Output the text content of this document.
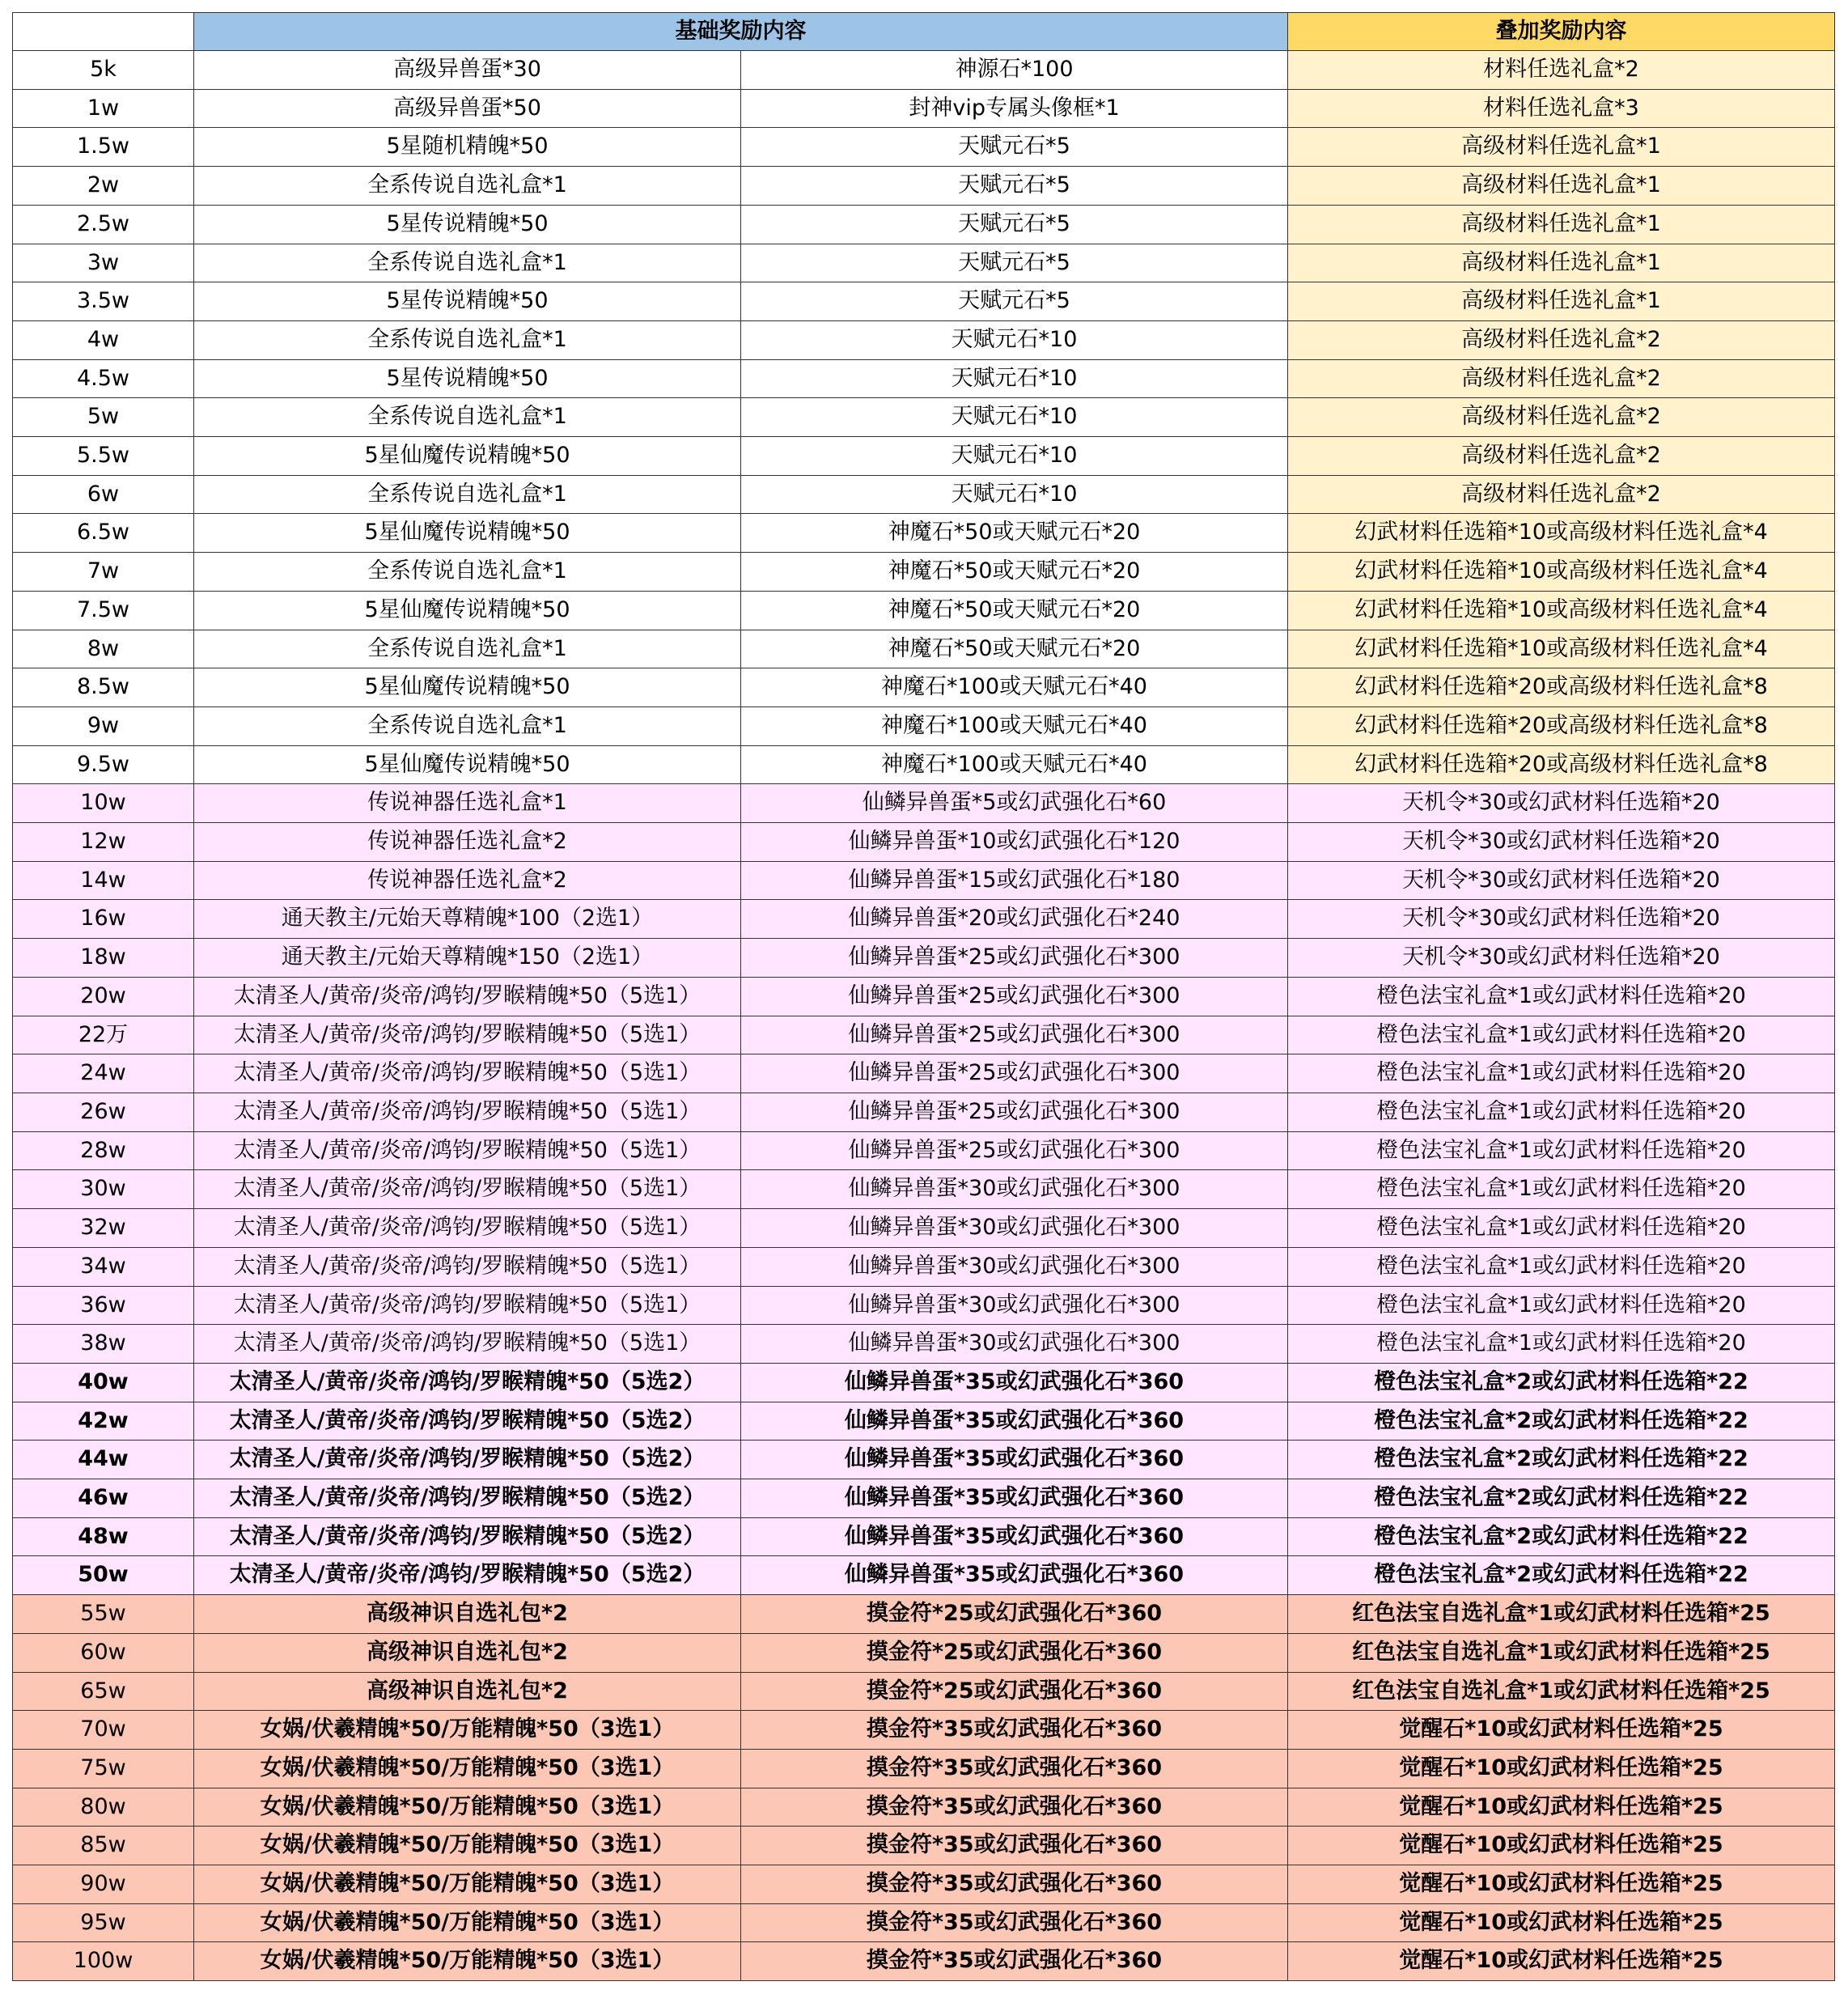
	基础奖励内容		叠加奖励内容
5k	高级异兽蛋*30	神源石*100	材料任选礼盒*2
1w	高级异兽蛋*50	封神vip专属头像框*1	材料任选礼盒*3
1.5w	5星随机精魄*50	天赋元石*5	高级材料任选礼盒*1
2w	全系传说自选礼盒*1	天赋元石*5	高级材料任选礼盒*1
2.5w	5星传说精魄*50	天赋元石*5	高级材料任选礼盒*1
3w	全系传说自选礼盒*1	天赋元石*5	高级材料任选礼盒*1
3.5w	5星传说精魄*50	天赋元石*5	高级材料任选礼盒*1
4w	全系传说自选礼盒*1	天赋元石*10	高级材料任选礼盒*2
4.5w	5星传说精魄*50	天赋元石*10	高级材料任选礼盒*2
5w	全系传说自选礼盒*1	天赋元石*10	高级材料任选礼盒*2
5.5w	5星仙魔传说精魄*50	天赋元石*10	高级材料任选礼盒*2
6w	全系传说自选礼盒*1	天赋元石*10	高级材料任选礼盒*2
6.5w	5星仙魔传说精魄*50	神魔石*50或天赋元石*20	幻武材料任选箱*10或高级材料任选礼盒*4
7w	全系传说自选礼盒*1	神魔石*50或天赋元石*20	幻武材料任选箱*10或高级材料任选礼盒*4
7.5w	5星仙魔传说精魄*50	神魔石*50或天赋元石*20	幻武材料任选箱*10或高级材料任选礼盒*4
8w	全系传说自选礼盒*1	神魔石*50或天赋元石*20	幻武材料任选箱*10或高级材料任选礼盒*4
8.5w	5星仙魔传说精魄*50	神魔石*100或天赋元石*40	幻武材料任选箱*20或高级材料任选礼盒*8
9w	全系传说自选礼盒*1	神魔石*100或天赋元石*40	幻武材料任选箱*20或高级材料任选礼盒*8
9.5w	5星仙魔传说精魄*50	神魔石*100或天赋元石*40	幻武材料任选箱*20或高级材料任选礼盒*8
10w	传说神器任选礼盒*1	仙鳞异兽蛋*5或幻武强化石*60	天机令*30或幻武材料任选箱*20
12w	传说神器任选礼盒*2	仙鳞异兽蛋*10或幻武强化石*120	天机令*30或幻武材料任选箱*20
14w	传说神器任选礼盒*2	仙鳞异兽蛋*15或幻武强化石*180	天机令*30或幻武材料任选箱*20
16w	通天教主/元始天尊精魄*100（2选1）	仙鳞异兽蛋*20或幻武强化石*240	天机令*30或幻武材料任选箱*20
18w	通天教主/元始天尊精魄*150（2选1）	仙鳞异兽蛋*25或幻武强化石*300	天机令*30或幻武材料任选箱*20
20w	太清圣人/黄帝/炎帝/鸿钧/罗睺精魄*50（5选1）	仙鳞异兽蛋*25或幻武强化石*300	橙色法宝礼盒*1或幻武材料任选箱*20
22万	太清圣人/黄帝/炎帝/鸿钧/罗睺精魄*50（5选1）	仙鳞异兽蛋*25或幻武强化石*300	橙色法宝礼盒*1或幻武材料任选箱*20
24w	太清圣人/黄帝/炎帝/鸿钧/罗睺精魄*50（5选1）	仙鳞异兽蛋*25或幻武强化石*300	橙色法宝礼盒*1或幻武材料任选箱*20
26w	太清圣人/黄帝/炎帝/鸿钧/罗睺精魄*50（5选1）	仙鳞异兽蛋*25或幻武强化石*300	橙色法宝礼盒*1或幻武材料任选箱*20
28w	太清圣人/黄帝/炎帝/鸿钧/罗睺精魄*50（5选1）	仙鳞异兽蛋*25或幻武强化石*300	橙色法宝礼盒*1或幻武材料任选箱*20
30w	太清圣人/黄帝/炎帝/鸿钧/罗睺精魄*50（5选1）	仙鳞异兽蛋*30或幻武强化石*300	橙色法宝礼盒*1或幻武材料任选箱*20
32w	太清圣人/黄帝/炎帝/鸿钧/罗睺精魄*50（5选1）	仙鳞异兽蛋*30或幻武强化石*300	橙色法宝礼盒*1或幻武材料任选箱*20
34w	太清圣人/黄帝/炎帝/鸿钧/罗睺精魄*50（5选1）	仙鳞异兽蛋*30或幻武强化石*300	橙色法宝礼盒*1或幻武材料任选箱*20
36w	太清圣人/黄帝/炎帝/鸿钧/罗睺精魄*50（5选1）	仙鳞异兽蛋*30或幻武强化石*300	橙色法宝礼盒*1或幻武材料任选箱*20
38w	太清圣人/黄帝/炎帝/鸿钧/罗睺精魄*50（5选1）	仙鳞异兽蛋*30或幻武强化石*300	橙色法宝礼盒*1或幻武材料任选箱*20
40w	太清圣人/黄帝/炎帝/鸿钧/罗睺精魄*50（5选2）	仙鳞异兽蛋*35或幻武强化石*360	橙色法宝礼盒*2或幻武材料任选箱*22
42w	太清圣人/黄帝/炎帝/鸿钧/罗睺精魄*50（5选2）	仙鳞异兽蛋*35或幻武强化石*360	橙色法宝礼盒*2或幻武材料任选箱*22
44w	太清圣人/黄帝/炎帝/鸿钧/罗睺精魄*50（5选2）	仙鳞异兽蛋*35或幻武强化石*360	橙色法宝礼盒*2或幻武材料任选箱*22
46w	太清圣人/黄帝/炎帝/鸿钧/罗睺精魄*50（5选2）	仙鳞异兽蛋*35或幻武强化石*360	橙色法宝礼盒*2或幻武材料任选箱*22
48w	太清圣人/黄帝/炎帝/鸿钧/罗睺精魄*50（5选2）	仙鳞异兽蛋*35或幻武强化石*360	橙色法宝礼盒*2或幻武材料任选箱*22
50w	太清圣人/黄帝/炎帝/鸿钧/罗睺精魄*50（5选2）	仙鳞异兽蛋*35或幻武强化石*360	橙色法宝礼盒*2或幻武材料任选箱*22
55w	高级神识自选礼包*2	摸金符*25或幻武强化石*360	红色法宝自选礼盒*1或幻武材料任选箱*25
60w	高级神识自选礼包*2	摸金符*25或幻武强化石*360	红色法宝自选礼盒*1或幻武材料任选箱*25
65w	高级神识自选礼包*2	摸金符*25或幻武强化石*360	红色法宝自选礼盒*1或幻武材料任选箱*25
70w	女娲/伏羲精魄*50/万能精魄*50（3选1）	摸金符*35或幻武强化石*360	觉醒石*10或幻武材料任选箱*25
75w	女娲/伏羲精魄*50/万能精魄*50（3选1）	摸金符*35或幻武强化石*360	觉醒石*10或幻武材料任选箱*25
80w	女娲/伏羲精魄*50/万能精魄*50（3选1）	摸金符*35或幻武强化石*360	觉醒石*10或幻武材料任选箱*25
85w	女娲/伏羲精魄*50/万能精魄*50（3选1）	摸金符*35或幻武强化石*360	觉醒石*10或幻武材料任选箱*25
90w	女娲/伏羲精魄*50/万能精魄*50（3选1）	摸金符*35或幻武强化石*360	觉醒石*10或幻武材料任选箱*25
95w	女娲/伏羲精魄*50/万能精魄*50（3选1）	摸金符*35或幻武强化石*360	觉醒石*10或幻武材料任选箱*25
100w	女娲/伏羲精魄*50/万能精魄*50（3选1）	摸金符*35或幻武强化石*360	觉醒石*10或幻武材料任选箱*25
